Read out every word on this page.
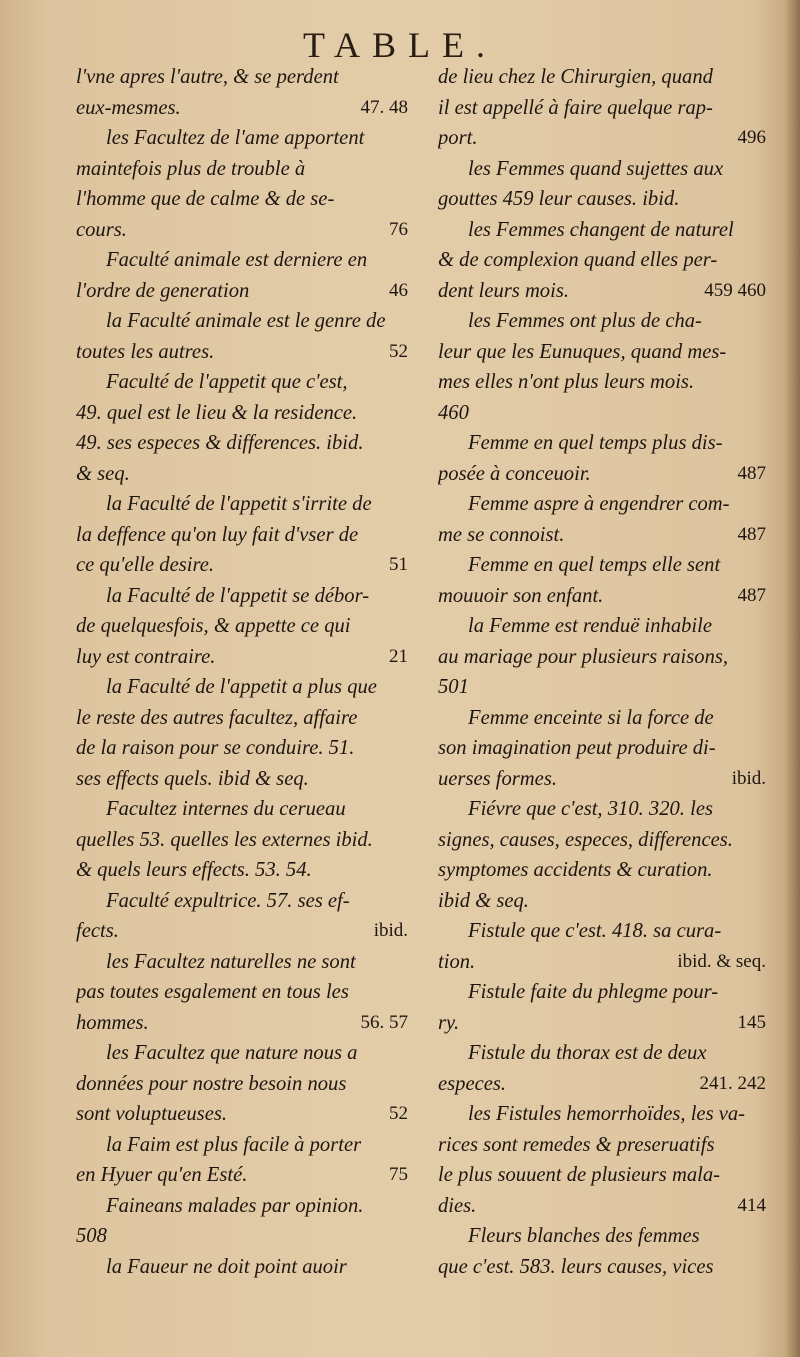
TABLE.
l'vne apres l'autre, & se perdent
eux-mesmes.	47. 48
les Facultez de l'ame apportent
maintefois plus de trouble à
l'homme que de calme & de se-
cours.	76
Faculté animale est derniere en
l'ordre de generation	46
la Faculté animale est le genre de
toutes les autres.	52
Faculté de l'appetit que c'est,
49. quel est le lieu & la residence.
49. ses especes & differences. ibid.
& seq.
la Faculté de l'appetit s'irrite de
la deffence qu'on luy fait d'vser de
ce qu'elle desire.	51
la Faculté de l'appetit se débor-
de quelquesfois, & appette ce qui
luy est contraire.	21
la Faculté de l'appetit a plus que
le reste des autres facultez, affaire
de la raison pour se conduire. 51.
ses effects quels. ibid & seq.
Facultez internes du cerueau
quelles 53. quelles les externes ibid.
& quels leurs effects. 53. 54.
Faculté expultrice. 57. ses ef-
fects.	ibid.
les Facultez naturelles ne sont
pas toutes esgalement en tous les
hommes.	56. 57
les Facultez que nature nous a
données pour nostre besoin nous
sont voluptueuses.	52
la Faim est plus facile à porter
en Hyuer qu'en Esté.	75
Faineans malades par opinion.
508
la Faueur ne doit point auoir
de lieu chez le Chirurgien, quand
il est appellé à faire quelque rap-
port.	496
les Femmes quand sujettes aux
gouttes 459 leur causes. ibid.
les Femmes changent de naturel
& de complexion quand elles per-
dent leurs mois.	459 460
les Femmes ont plus de cha-
leur que les Eunuques, quand mes-
mes elles n'ont plus leurs mois.
460
Femme en quel temps plus dis-
posée à conceuoir.	487
Femme aspre à engendrer com-
me se connoist.	487
Femme en quel temps elle sent
mouuoir son enfant.	487
la Femme est renduë inhabile
au mariage pour plusieurs raisons,
501
Femme enceinte si la force de
son imagination peut produire di-
uerses formes.	ibid.
Fiévre que c'est, 310. 320. les
signes, causes, especes, differences.
symptomes accidents & curation.
ibid & seq.
Fistule que c'est. 418. sa cura-
tion.	ibid. & seq.
Fistule faite du phlegme pour-
ry.	145
Fistule du thorax est de deux
especes.	241. 242
les Fistules hemorrhoïdes, les va-
rices sont remedes & preseruatifs
le plus souuent de plusieurs mala-
dies.	414
Fleurs blanches des femmes
que c'est. 583. leurs causes, vices
